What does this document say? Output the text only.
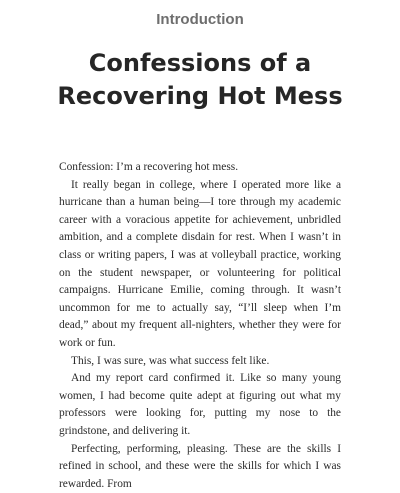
Introduction
Confessions of a
Recovering Hot Mess

Confession: I’m a recovering hot mess.

It really began in college, where I operated more like a hurricane than a human being—I tore through my academic career with a voracious appetite for achievement, unbridled ambition, and a complete disdain for rest. When I wasn’t in class or writing papers, I was at volleyball practice, working on the student newspaper, or volunteering for political campaigns. Hurricane Emilie, coming through. It wasn’t uncommon for me to actually say, “I’ll sleep when I’m dead,” about my frequent all-nighters, whether they were for work or fun.

This, I was sure, was what success felt like.

And my report card confirmed it. Like so many young women, I had become quite adept at figuring out what my professors were looking for, putting my nose to the grindstone, and delivering it.

Perfecting, performing, pleasing. These are the skills I refined in school, and these were the skills for which I was rewarded. From
